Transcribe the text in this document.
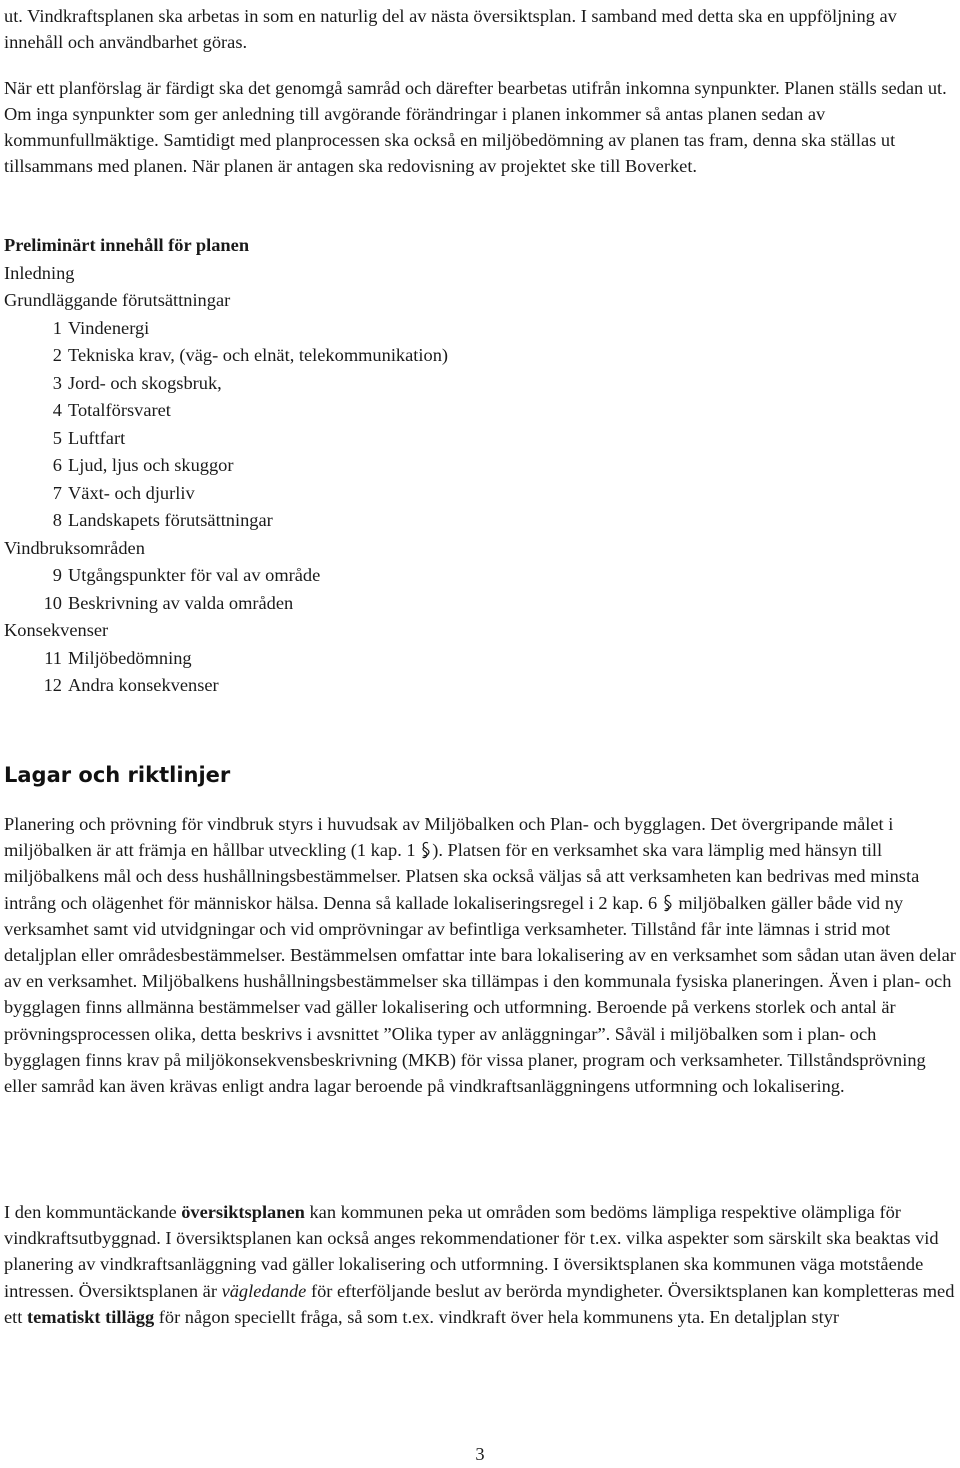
ut. Vindkraftsplanen ska arbetas in som en naturlig del av nästa översiktsplan. I samband med detta ska en uppföljning av innehåll och användbarhet göras.

När ett planförslag är färdigt ska det genomgå samråd och därefter bearbetas utifrån inkomna synpunkter. Planen ställs sedan ut. Om inga synpunkter som ger anledning till avgörande förändringar i planen inkommer så antas planen sedan av kommunfullmäktige. Samtidigt med planprocessen ska också en miljöbedömning av planen tas fram, denna ska ställas ut tillsammans med planen. När planen är antagen ska redovisning av projektet ske till Boverket.

Preliminärt innehåll för planen
Inledning
Grundläggande förutsättningar
1 Vindenergi
2 Tekniska krav, (väg- och elnät, telekommunikation)
3 Jord- och skogsbruk,
4 Totalförsvaret
5 Luftfart
6 Ljud, ljus och skuggor
7 Växt- och djurliv
8 Landskapets förutsättningar
Vindbruksområden
9 Utgångspunkter för val av område
10 Beskrivning av valda områden
Konsekvenser
11 Miljöbedömning
12 Andra konsekvenser
Lagar och riktlinjer

Planering och prövning för vindbruk styrs i huvudsak av Miljöbalken och Plan- och bygglagen. Det övergripande målet i miljöbalken är att främja en hållbar utveckling (1 kap. 1
). Platsen för en verksamhet ska vara lämplig med hänsyn till miljöbalkens mål och dess hushållningsbestämmelser. Platsen ska också väljas så att verksamheten kan bedrivas med minsta intrång och olägenhet för människor hälsa. Denna så kallade lokaliseringsregel i 2 kap. 6
miljöbalken gäller både vid ny verksamhet samt vid utvidgningar och vid omprövningar av befintliga verksamheter. Tillstånd får inte lämnas i strid mot detaljplan eller områdesbestämmelser. Bestämmelsen omfattar inte bara lokalisering av en verksamhet som sådan utan även delar av en verksamhet. Miljöbalkens hushållningsbestämmelser ska tillämpas i den kommunala fysiska planeringen. Även i plan- och bygglagen finns allmänna bestämmelser vad gäller lokalisering och utformning. Beroende på verkens storlek och antal är prövningsprocessen olika, detta beskrivs i avsnittet ”Olika typer av anläggningar”. Såväl i miljöbalken som i plan- och bygglagen finns krav på miljökonsekvensbeskrivning (MKB) för vissa planer, program och verksamheter. Tillståndsprövning eller samråd kan även krävas enligt andra lagar beroende på vindkraftsanläggningens utformning och lokalisering.

I den kommuntäckande översiktsplanen kan kommunen peka ut områden som bedöms lämpliga respektive olämpliga för vindkraftsutbyggnad. I översiktsplanen kan också anges rekommendationer för t.ex. vilka aspekter som särskilt ska beaktas vid planering av vindkraftsanläggning vad gäller lokalisering och utformning. I översiktsplanen ska kommunen väga motstående intressen. Översiktsplanen är vägledande för efterföljande beslut av berörda myndigheter. Översiktsplanen kan kompletteras med ett tematiskt tillägg för någon speciellt fråga, så som t.ex. vindkraft över hela kommunens yta. En detaljplan styr

3
